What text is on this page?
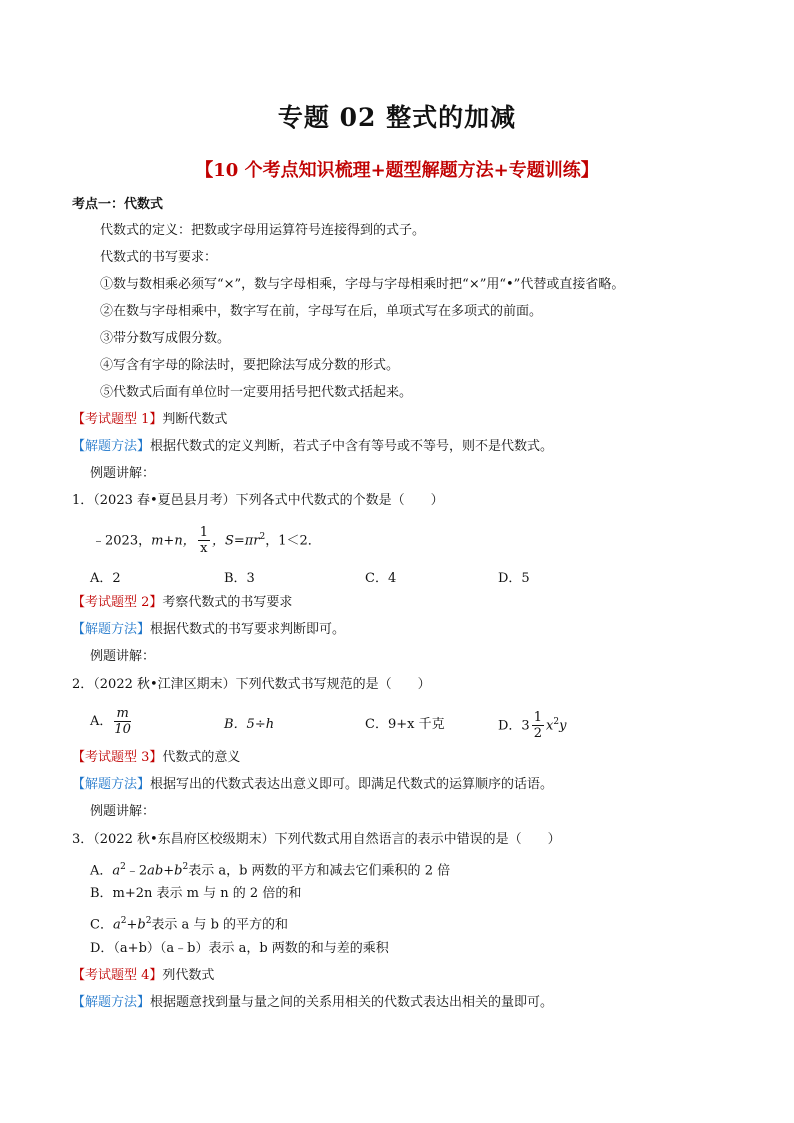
专题 02 整式的加减
【10 个考点知识梳理+题型解题方法+专题训练】
考点一：代数式
代数式的定义：把数或字母用运算符号连接得到的式子。
代数式的书写要求：
①数与数相乘必须写“×”，数与字母相乘，字母与字母相乘时把“×”用“•”代替或直接省略。
②在数与字母相乘中，数字写在前，字母写在后，单项式写在多项式的前面。
③带分数写成假分数。
④写含有字母的除法时，要把除法写成分数的形式。
⑤代数式后面有单位时一定要用括号把代数式括起来。
【考试题型 1】判断代数式
【解题方法】根据代数式的定义判断，若式子中含有等号或不等号，则不是代数式。
例题讲解：
1．（2023 春•夏邑县月考）下列各式中代数式的个数是（　　）
﹣2023，m+n， $\frac{1}{x}$ ，$S=\pi r^2$，1＜2．
A．2	B．3	C．4	D．5
【考试题型 2】考察代数式的书写要求
【解题方法】根据代数式的书写要求判断即可。
例题讲解：
2．（2022 秋•江津区期末）下列代数式书写规范的是（　　）
A． $\frac{m}{10}$	B．5÷h	C．9+x 千克	D．$3 \frac{1}{2} x^2y$
【考试题型 3】代数式的意义
【解题方法】根据写出的代数式表达出意义即可。即满足代数式的运算顺序的话语。
例题讲解：
3．（2022 秋•东昌府区校级期末）下列代数式用自然语言的表示中错误的是（　　）
A．$a^2﹣2ab+b^2$表示 a，b 两数的平方和减去它们乘积的 2 倍
B．m+2n 表示 m 与 n 的 2 倍的和
C．$a^2+b^2$表示 a 与 b 的平方的和
D．（a+b）（a﹣b）表示 a，b 两数的和与差的乘积
【考试题型 4】列代数式
【解题方法】根据题意找到量与量之间的关系用相关的代数式表达出相关的量即可。
